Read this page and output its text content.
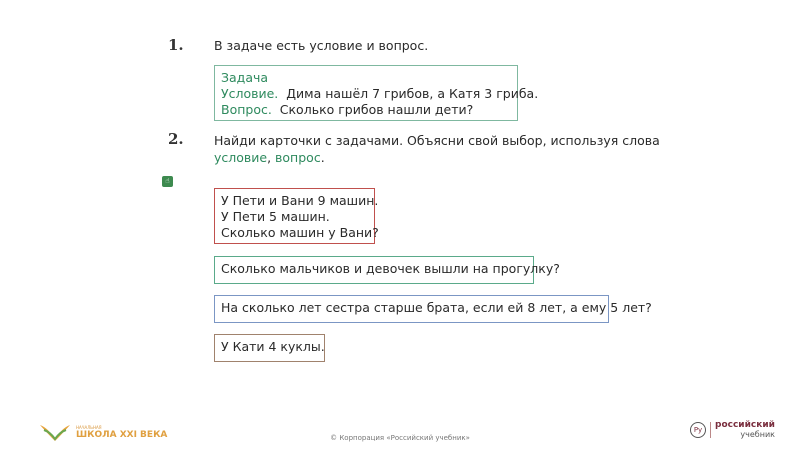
1. В задаче есть условие и вопрос.
Задача
Условие. Дима нашёл 7 грибов, а Катя 3 гриба.
Вопрос. Сколько грибов нашли дети?
2. Найди карточки с задачами. Объясни свой выбор, используя слова
условие, вопрос.
☝
У Пети и Вани 9 машин.
У Пети 5 машин.
Сколько машин у Вани?
Сколько мальчиков и девочек вышли на прогулку?
На сколько лет сестра старше брата, если ей 8 лет, а ему 5 лет?
У Кати 4 куклы.
НАЧАЛЬНАЯ
ШКОЛА XXI ВЕКА	© Корпорация «Российский учебник»
Ру	российский
учебник
